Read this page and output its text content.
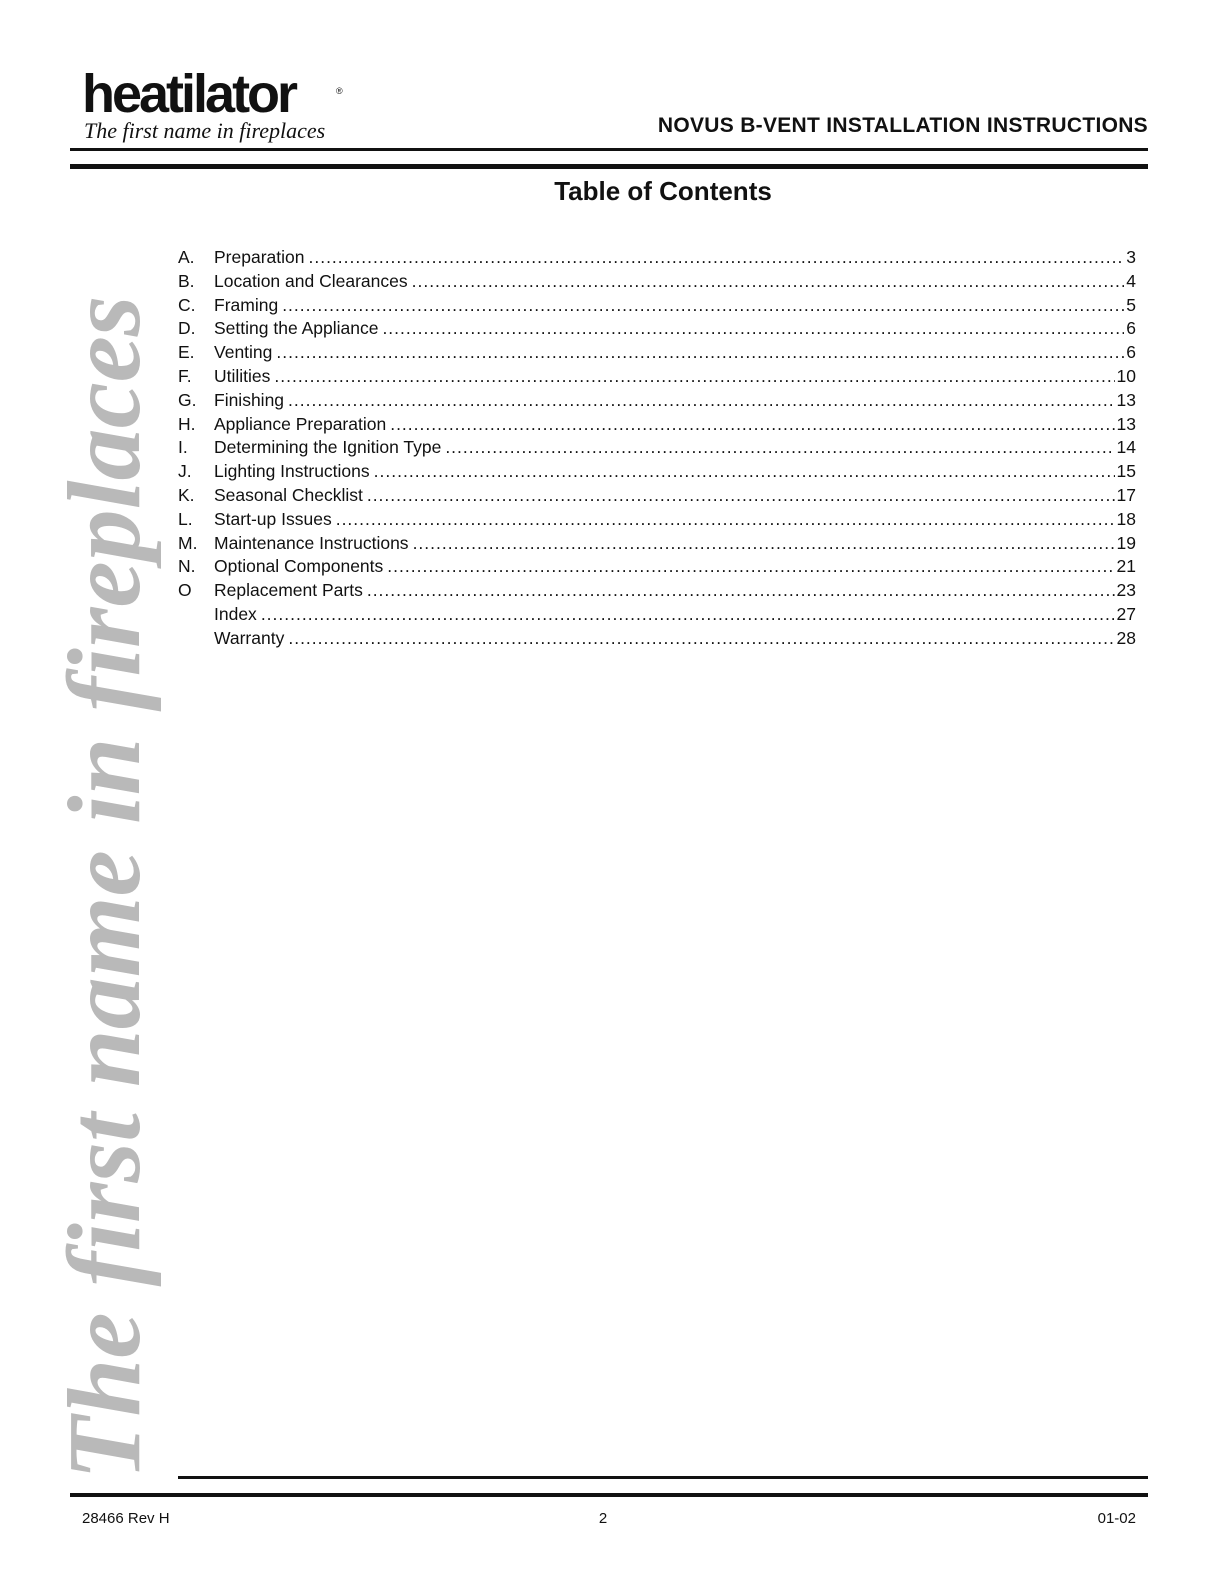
heatilator	®
The first name in fireplaces	NOVUS B-VENT INSTALLATION INSTRUCTIONS
The first name in fireplaces
Table of Contents
A.	Preparation .....	3
B.	Location and Clearances .....	4
C.	Framing .....	5
D.	Setting the Appliance .....	6
E.	Venting .....	6
F.	Utilities .....	10
G.	Finishing .....	13
H.	Appliance Preparation .....	13
I.	Determining the Ignition Type .....	14
J.	Lighting Instructions .....	15
K.	Seasonal Checklist .....	17
L.	Start-up Issues .....	18
M. Maintenance Instructions .....	19
N.	Optional Components .....	21
O	Replacement Parts .....	23
Index .....	27
Warranty .....	28
28466 Rev H	2	01-02
